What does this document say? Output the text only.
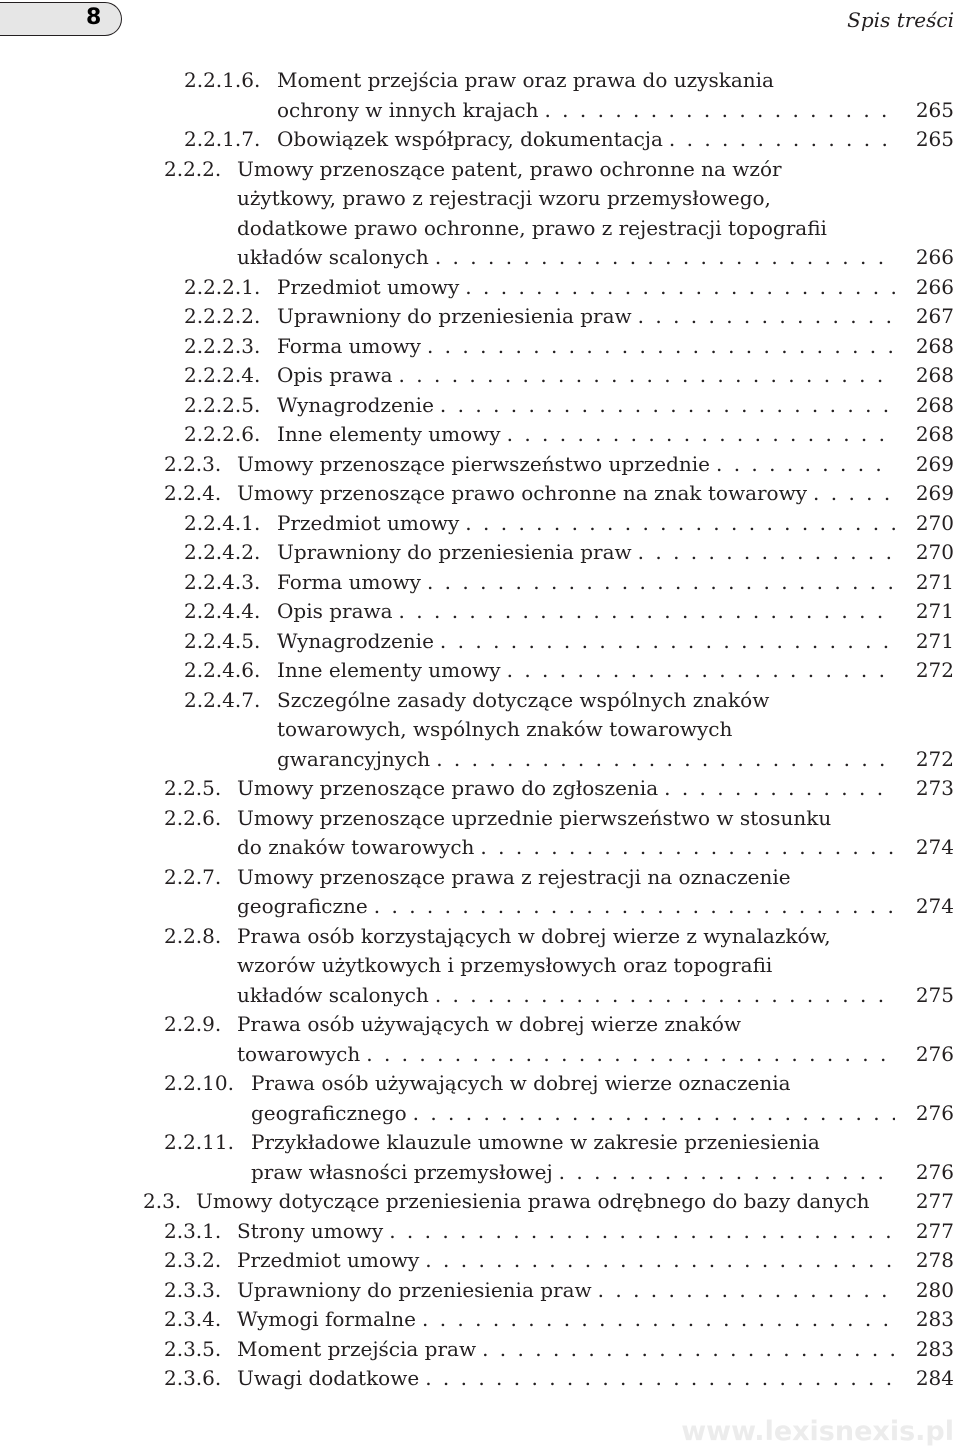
8	Spis treści
2.2.1.6. Moment przejścia praw oraz prawa do uzyskania
ochrony w innych krajach . . .	265
2.2.1.7. Obowiązek współpracy, dokumentacja . . .	265
2.2.2. Umowy przenoszące patent, prawo ochronne na wzór
użytkowy, prawo z rejestracji wzoru przemysłowego,
dodatkowe prawo ochronne, prawo z rejestracji topografii
układów scalonych . . .	266
2.2.2.1. Przedmiot umowy . . .	266
2.2.2.2. Uprawniony do przeniesienia praw . . .	267
2.2.2.3. Forma umowy . . .	268
2.2.2.4. Opis prawa . . .	268
2.2.2.5. Wynagrodzenie . . .	268
2.2.2.6. Inne elementy umowy . . .	268
2.2.3. Umowy przenoszące pierwszeństwo uprzednie . . .	269
2.2.4. Umowy przenoszące prawo ochronne na znak towarowy . . .	269
2.2.4.1. Przedmiot umowy . . .	270
2.2.4.2. Uprawniony do przeniesienia praw . . .	270
2.2.4.3. Forma umowy . . .	271
2.2.4.4. Opis prawa . . .	271
2.2.4.5. Wynagrodzenie . . .	271
2.2.4.6. Inne elementy umowy . . .	272
2.2.4.7. Szczególne zasady dotyczące wspólnych znaków
towarowych, wspólnych znaków towarowych
gwarancyjnych . . .	272
2.2.5. Umowy przenoszące prawo do zgłoszenia . . .	273
2.2.6. Umowy przenoszące uprzednie pierwszeństwo w stosunku
do znaków towarowych . . .	274
2.2.7. Umowy przenoszące prawa z rejestracji na oznaczenie
geograficzne . . .	274
2.2.8. Prawa osób korzystających w dobrej wierze z wynalazków,
wzorów użytkowych i przemysłowych oraz topografii
układów scalonych . . .	275
2.2.9. Prawa osób używających w dobrej wierze znaków
towarowych . . .	276
2.2.10. Prawa osób używających w dobrej wierze oznaczenia
geograficznego . . .	276
2.2.11. Przykładowe klauzule umowne w zakresie przeniesienia
praw własności przemysłowej . . .	276
2.3. Umowy dotyczące przeniesienia prawa odrębnego do bazy danych	277
2.3.1. Strony umowy . . .	277
2.3.2. Przedmiot umowy . . .	278
2.3.3. Uprawniony do przeniesienia praw . . .	280
2.3.4. Wymogi formalne . . .	283
2.3.5. Moment przejścia praw . . .	283
2.3.6. Uwagi dodatkowe . . .	284
www.lexisnexis.pl
